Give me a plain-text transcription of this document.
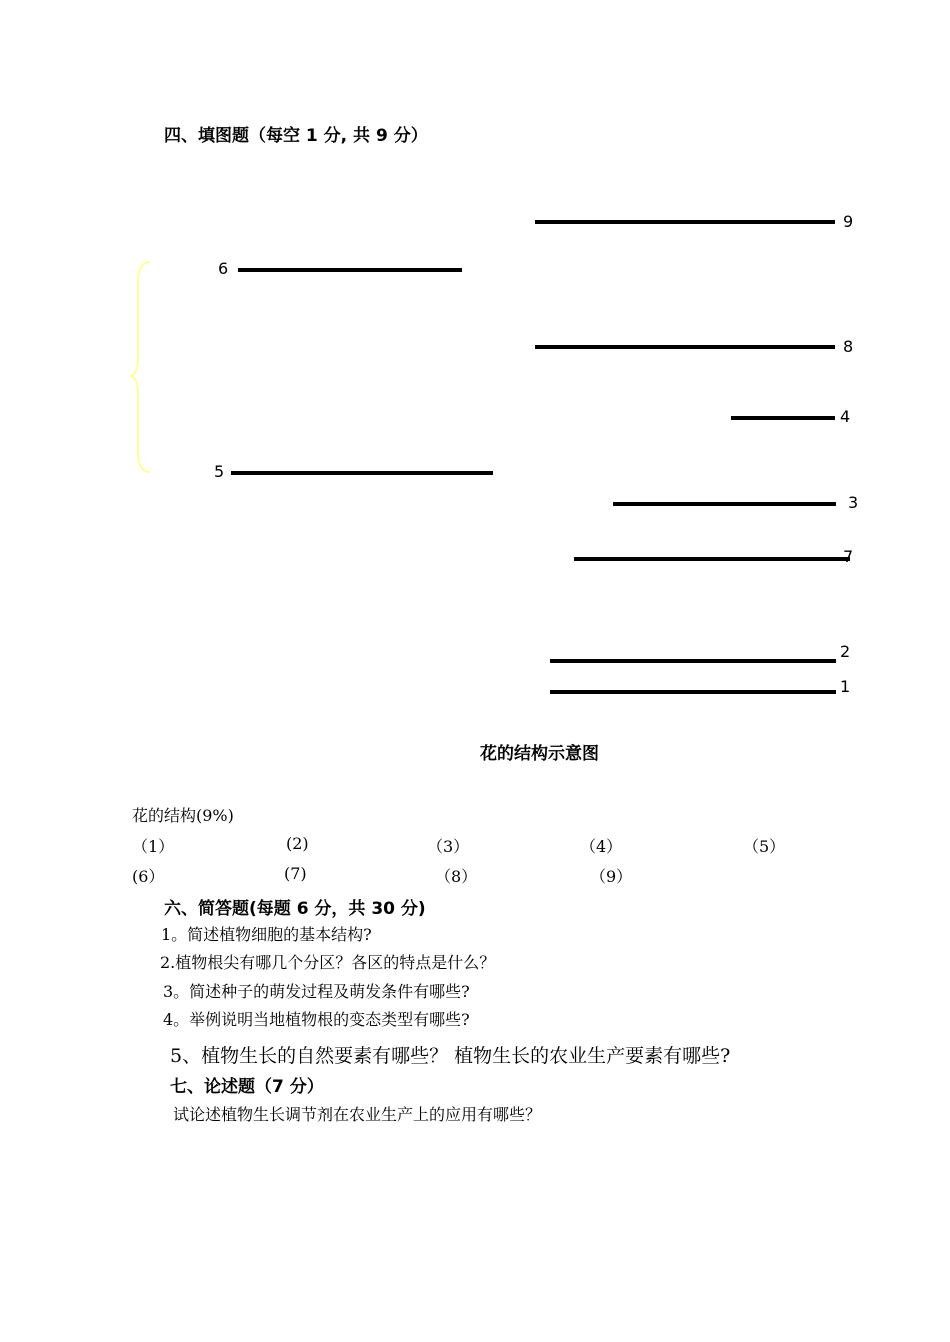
四、填图题（每空 1 分, 共 9 分）
9
6
8
4
5
3
7
2
1
花的结构示意图
花的结构(9%)
（1）	(2)	（3）	（4）	（5）
(6）	(7)	（8）	（9）
六、简答题(每题 6 分，共 30 分)
1。简述植物细胞的基本结构?
2.植物根尖有哪几个分区？各区的特点是什么？
3。简述种子的萌发过程及萌发条件有哪些?
4。举例说明当地植物根的变态类型有哪些?
5、植物生长的自然要素有哪些？ 植物生长的农业生产要素有哪些?
七、论述题（7 分）
试论述植物生长调节剂在农业生产上的应用有哪些？
